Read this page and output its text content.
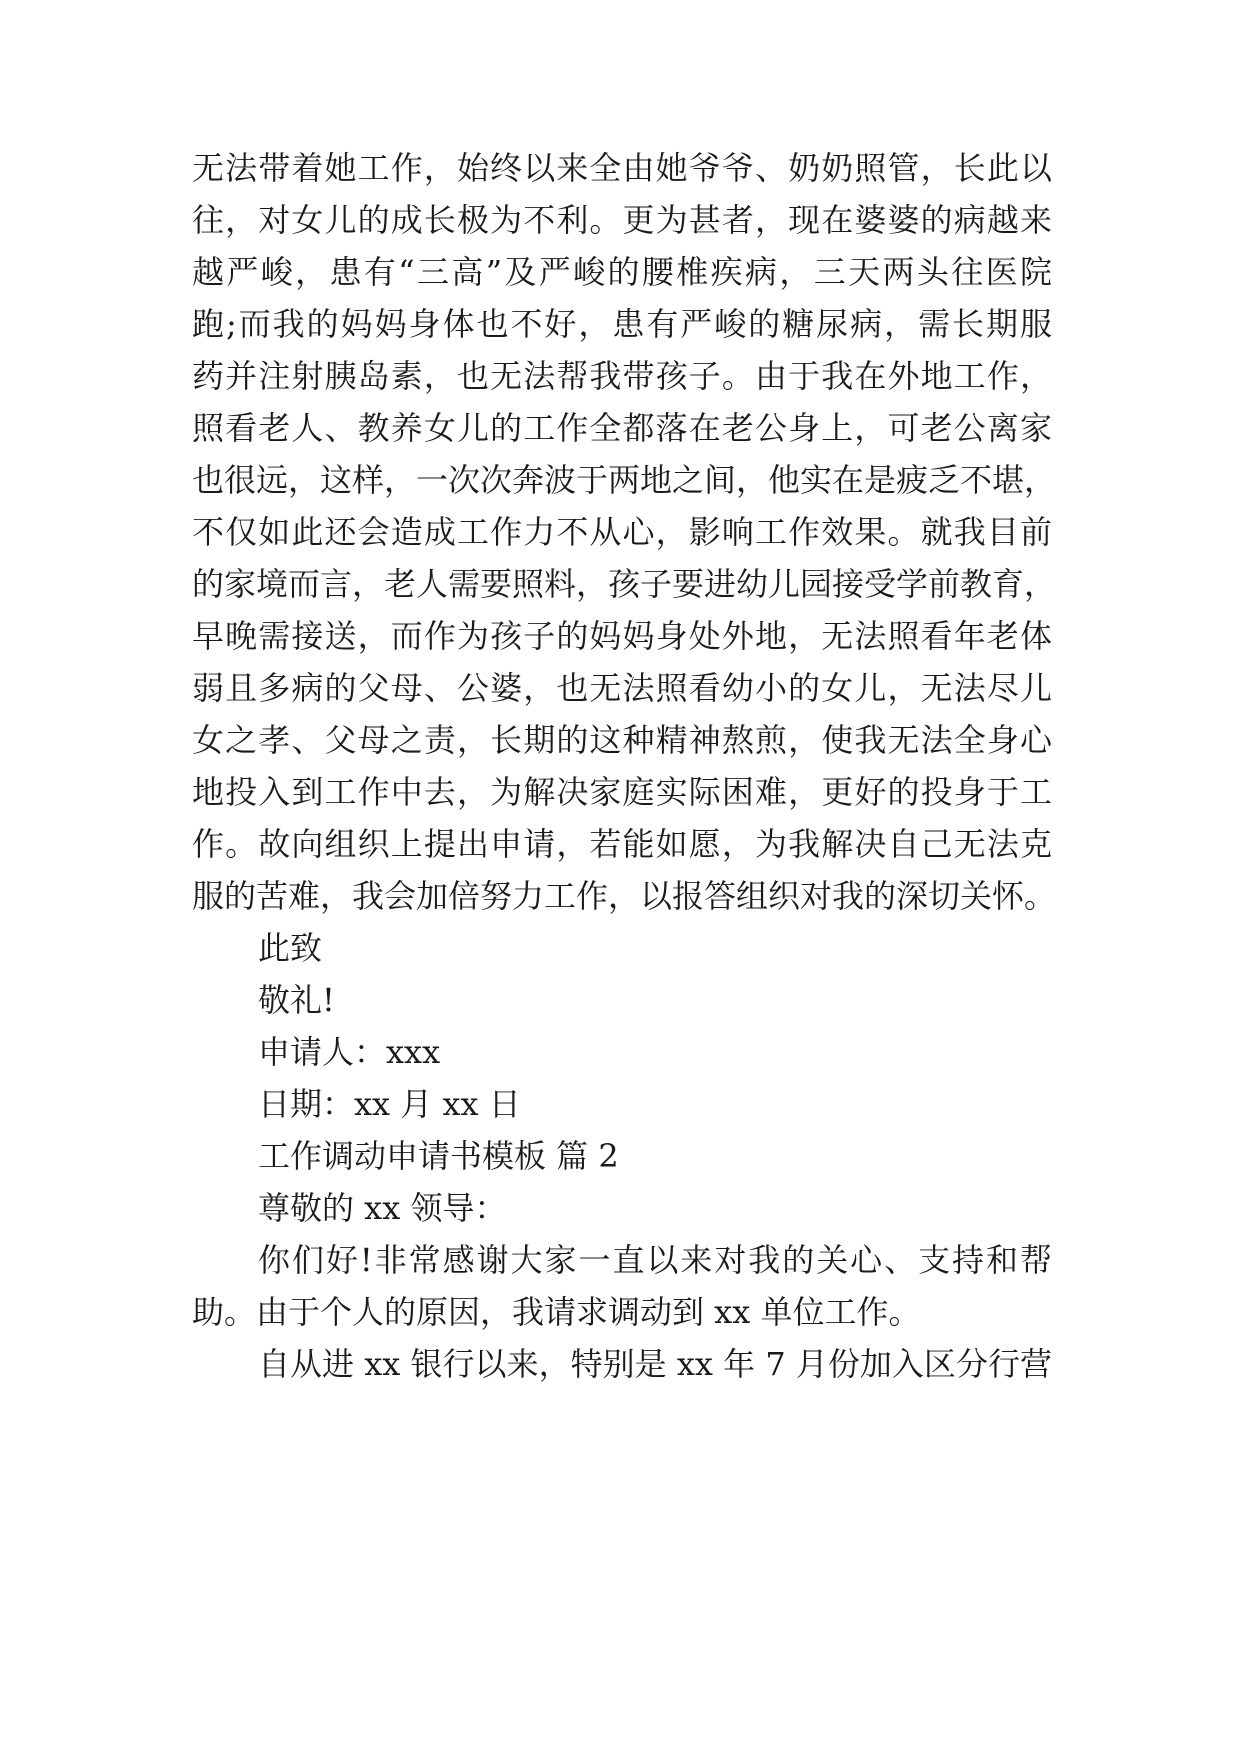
无法带着她工作，始终以来全由她爷爷、奶奶照管，长此以
往，对女儿的成长极为不利。更为甚者，现在婆婆的病越来
越严峻，患有“三高”及严峻的腰椎疾病，三天两头往医院
跑;而我的妈妈身体也不好，患有严峻的糖尿病，需长期服
药并注射胰岛素，也无法帮我带孩子。由于我在外地工作，
照看老人、教养女儿的工作全都落在老公身上，可老公离家
也很远，这样，一次次奔波于两地之间，他实在是疲乏不堪，
不仅如此还会造成工作力不从心，影响工作效果。就我目前
的家境而言，老人需要照料，孩子要进幼儿园接受学前教育，
早晚需接送，而作为孩子的妈妈身处外地，无法照看年老体
弱且多病的父母、公婆，也无法照看幼小的女儿，无法尽儿
女之孝、父母之责，长期的这种精神熬煎，使我无法全身心
地投入到工作中去，为解决家庭实际困难，更好的投身于工
作。故向组织上提出申请，若能如愿，为我解决自己无法克
服的苦难，我会加倍努力工作，以报答组织对我的深切关怀。
此致
敬礼!
申请人：xxx
日期：xx 月 xx 日
工作调动申请书模板 篇 2
尊敬的 xx 领导：
你们好!非常感谢大家一直以来对我的关心、支持和帮
助。由于个人的原因，我请求调动到 xx 单位工作。
自从进 xx 银行以来，特别是 xx 年 7 月份加入区分行营
